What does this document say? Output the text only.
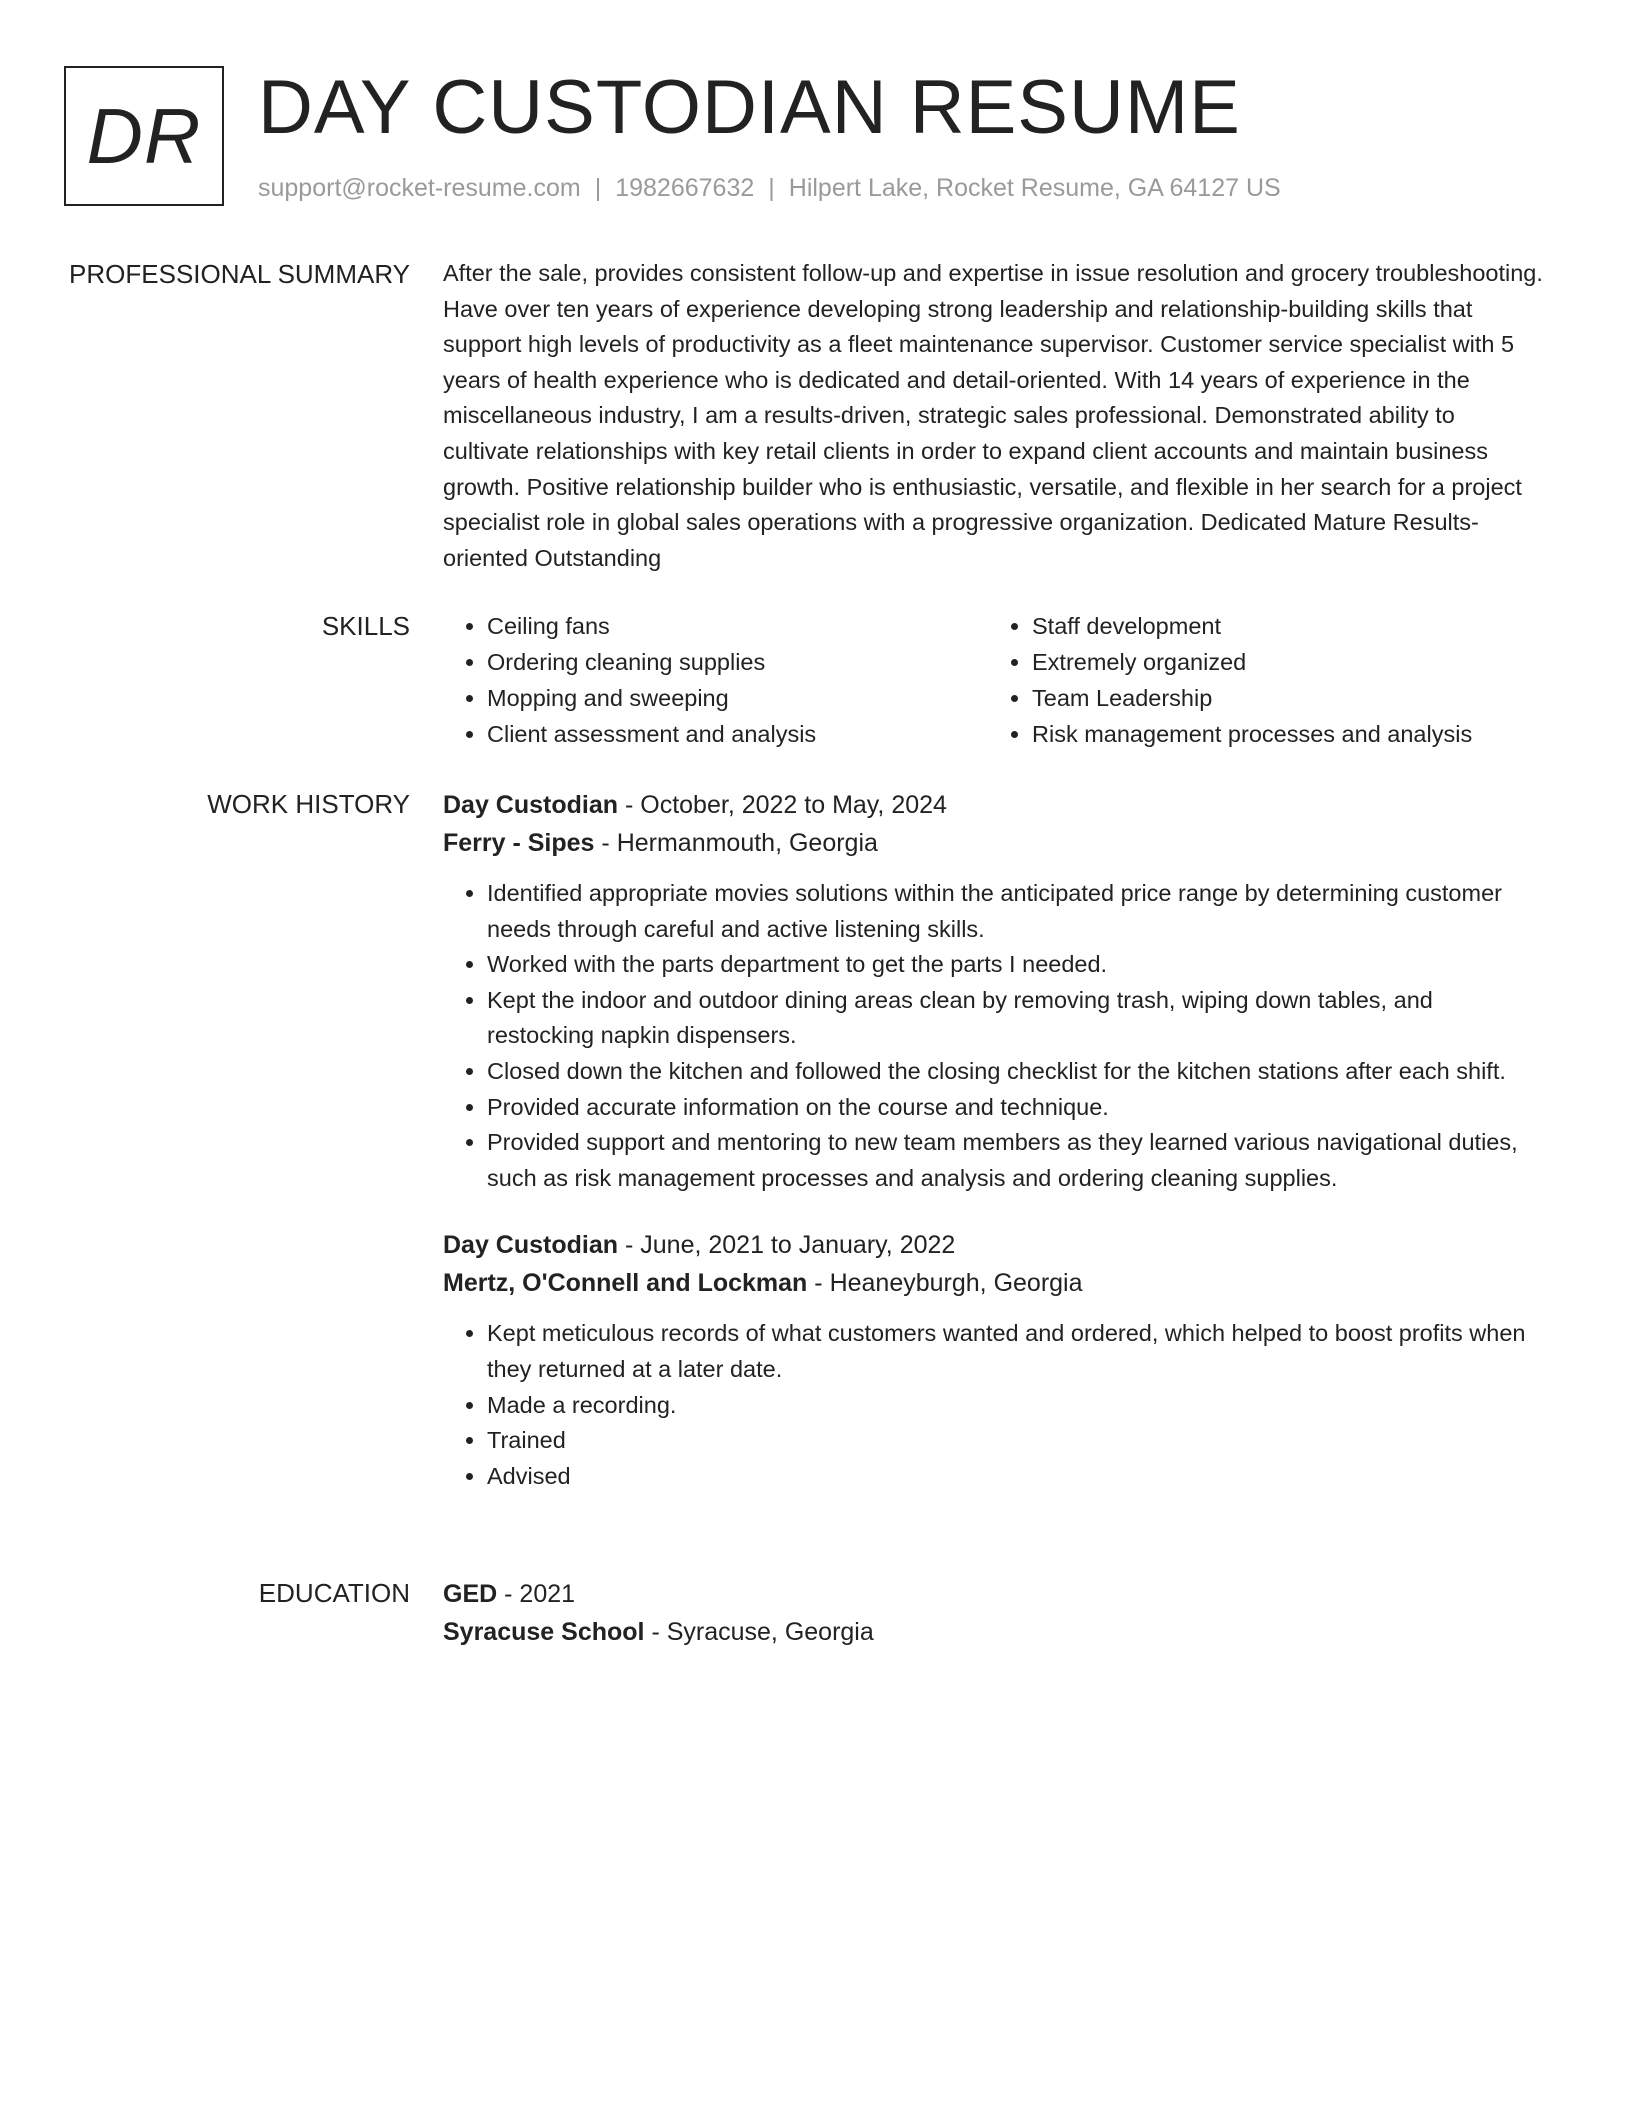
DR DAY CUSTODIAN RESUME
support@rocket-resume.com | 1982667632 | Hilpert Lake, Rocket Resume, GA 64127 US
PROFESSIONAL SUMMARY After the sale, provides consistent follow-up and expertise in issue resolution and grocery troubleshooting. Have over ten years of experience developing strong leadership and relationship-building skills that support high levels of productivity as a fleet maintenance supervisor. Customer service specialist with 5 years of health experience who is dedicated and detail-oriented. With 14 years of experience in the miscellaneous industry, I am a results-driven, strategic sales professional. Demonstrated ability to cultivate relationships with key retail clients in order to expand client accounts and maintain business growth. Positive relationship builder who is enthusiastic, versatile, and flexible in her search for a project specialist role in global sales operations with a progressive organization. Dedicated Mature Results-oriented Outstanding

SKILLS
•	Ceiling fans
• Ordering cleaning supplies
• Mopping and sweeping
• Client assessment and analysis
• Staff development
• Extremely organized
• Team Leadership
• Risk management processes and analysis
WORK HISTORY Day Custodian - October, 2022 to May, 2024
Ferry - Sipes - Hermanmouth, Georgia
• Identified appropriate movies solutions within the anticipated price range by determining customer needs through careful and active listening skills.
• Worked with the parts department to get the parts I needed.
• Kept the indoor and outdoor dining areas clean by removing trash, wiping down tables, and restocking napkin dispensers.
• Closed down the kitchen and followed the closing checklist for the kitchen stations after each shift.
• Provided accurate information on the course and technique.
• Provided support and mentoring to new team members as they learned various navigational duties, such as risk management processes and analysis and ordering cleaning supplies.
Day Custodian - June, 2021 to January, 2022
Mertz, O'Connell and Lockman - Heaneyburgh, Georgia
• Kept meticulous records of what customers wanted and ordered, which helped to boost profits when they returned at a later date.
• Made a recording.
• Trained
• Advised
EDUCATION GED - 2021
Syracuse School - Syracuse, Georgia
